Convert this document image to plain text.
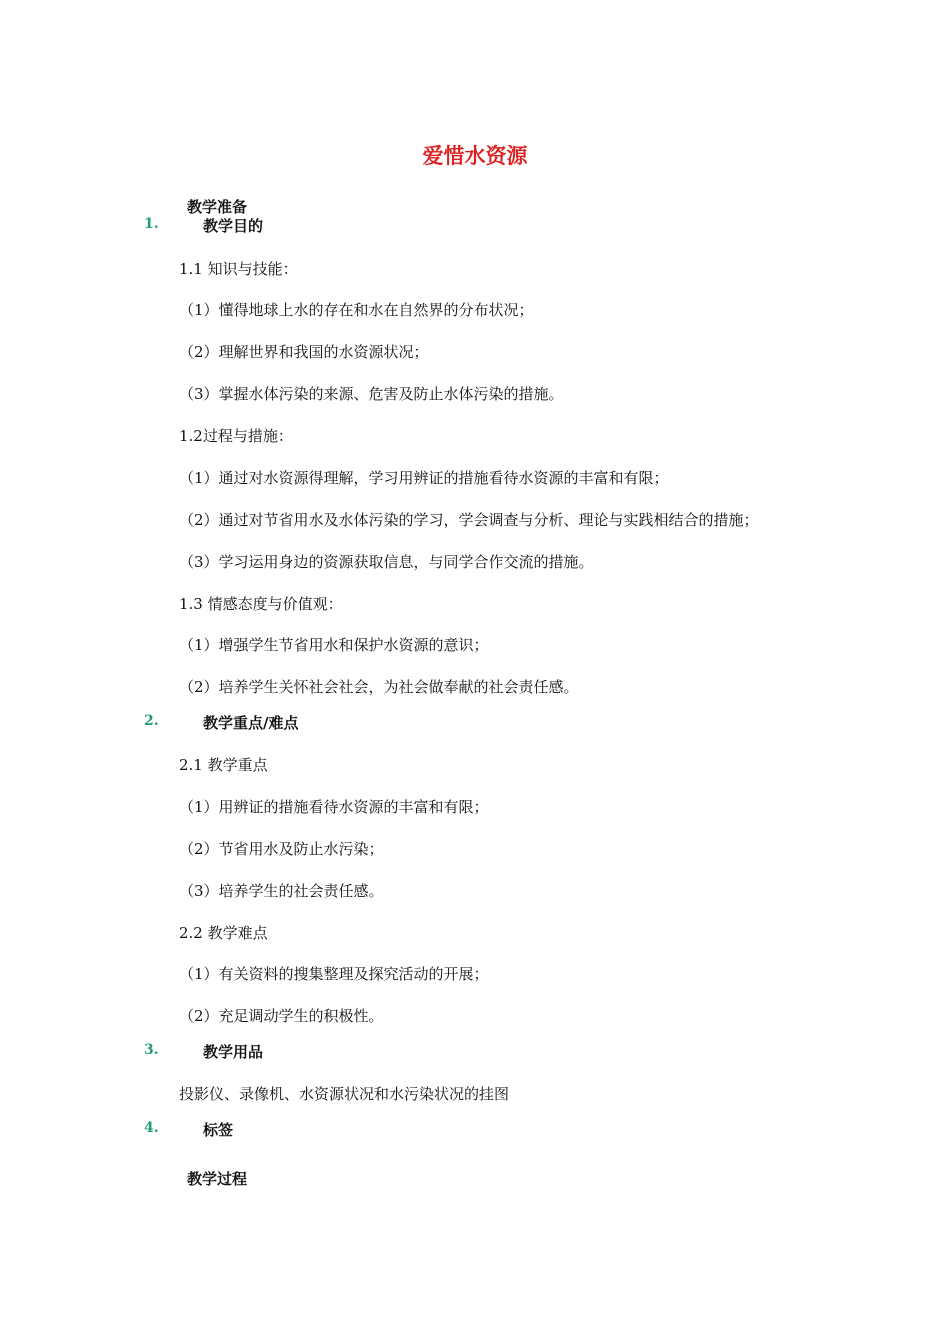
爱惜水资源
教学准备
1.	教学目的
1.1 知识与技能：
（1）懂得地球上水的存在和水在自然界的分布状况；
（2）理解世界和我国的水资源状况；
（3）掌握水体污染的来源、危害及防止水体污染的措施。
1.2过程与措施：
（1）通过对水资源得理解，学习用辨证的措施看待水资源的丰富和有限；
（2）通过对节省用水及水体污染的学习，学会调查与分析、理论与实践相结合的措施；
（3）学习运用身边的资源获取信息，与同学合作交流的措施。
1.3 情感态度与价值观：
（1）增强学生节省用水和保护水资源的意识；
（2）培养学生关怀社会社会，为社会做奉献的社会责任感。
2.	教学重点/难点
2.1 教学重点
（1）用辨证的措施看待水资源的丰富和有限；
（2）节省用水及防止水污染；
（3）培养学生的社会责任感。
2.2 教学难点
（1）有关资料的搜集整理及探究活动的开展；
（2）充足调动学生的积极性。
3.	教学用品
投影仪、录像机、水资源状况和水污染状况的挂图
4.	标签
教学过程
